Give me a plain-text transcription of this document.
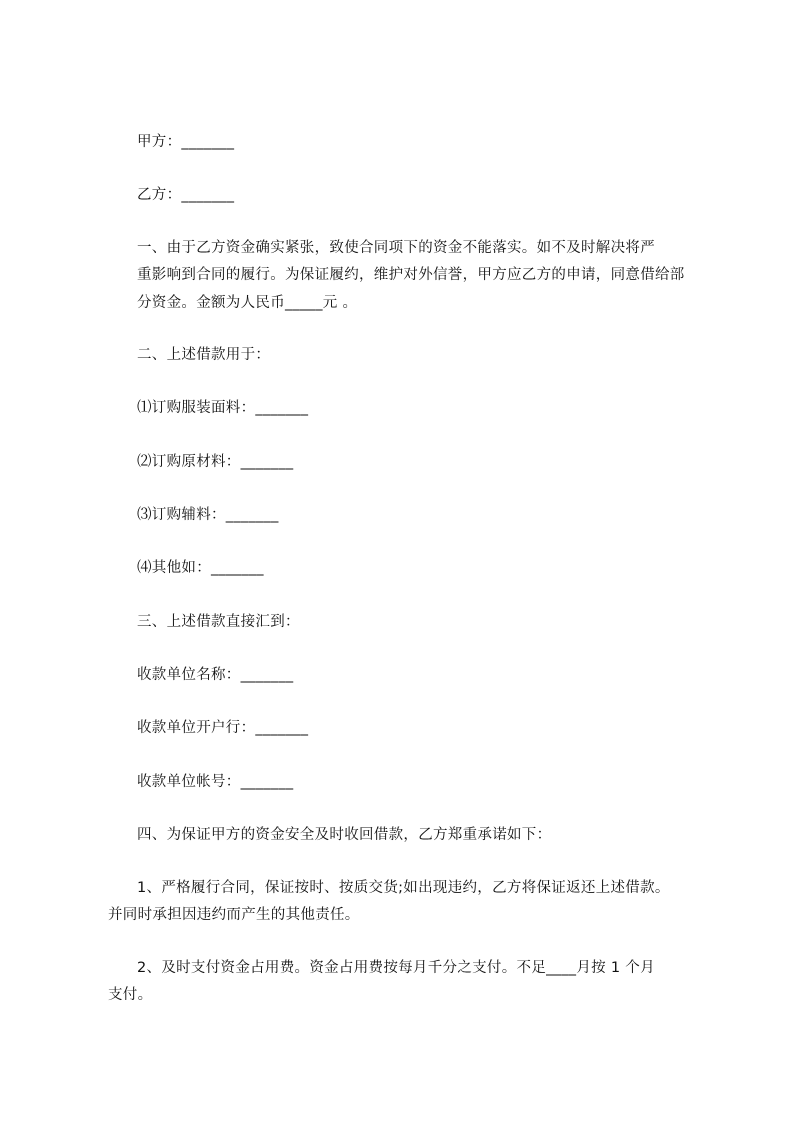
甲方：_______
乙方：_______
一、由于乙方资金确实紧张，致使合同项下的资金不能落实。如不及时解决将严
重影响到合同的履行。为保证履约，维护对外信誉，甲方应乙方的申请，同意借给部
分资金。金额为人民币_____元 。
二、上述借款用于：
⑴订购服装面料：_______
⑵订购原材料：_______
⑶订购辅料：_______
⑷其他如：_______
三、上述借款直接汇到：
收款单位名称：_______
收款单位开户行：_______
收款单位帐号：_______
四、为保证甲方的资金安全及时收回借款，乙方郑重承诺如下：
1、严格履行合同，保证按时、按质交货;如出现违约，乙方将保证返还上述借款。
并同时承担因违约而产生的其他责任。
2、及时支付资金占用费。资金占用费按每月千分之支付。不足____月按 1 个月
支付。
